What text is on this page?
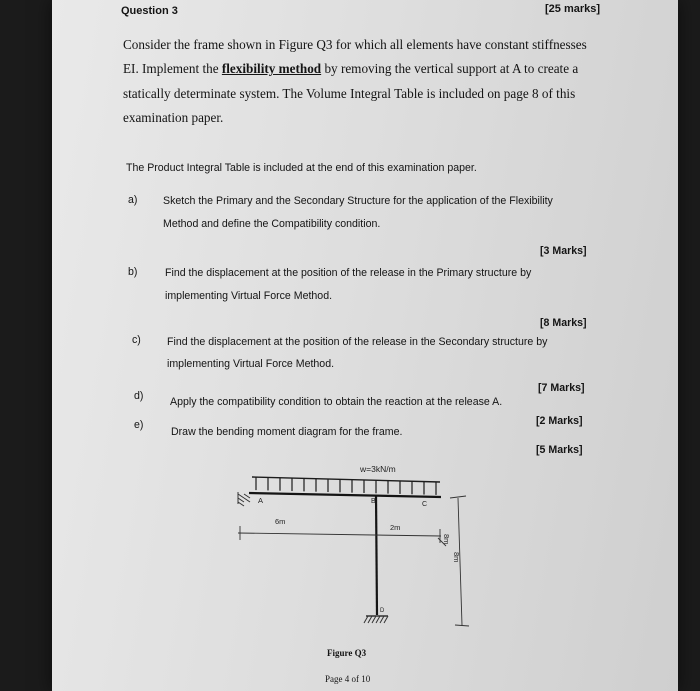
Question 3	[25 marks]
Consider the frame shown in Figure Q3 for which all elements have constant stiffnesses
EI. Implement the flexibility method by removing the vertical support at A to create a
statically determinate system. The Volume Integral Table is included on page 8 of this
examination paper.
The Product Integral Table is included at the end of this examination paper.
a) Sketch the Primary and the Secondary Structure for the application of the Flexibility
Method and define the Compatibility condition.
[3 Marks]
b)	Find the displacement at the position of the release in the Primary structure by
implementing Virtual Force Method.
[8 Marks]
c) Find the displacement at the position of the release in the Secondary structure by
implementing Virtual Force Method.
[7 Marks]
d)	Apply the compatibility condition to obtain the reaction at the release A.
[2 Marks]
e)
Draw the bending moment diagram for the frame.
[5 Marks]
w=3kN/m
A	B	C
D
6m
2m
8m
8m
Figure Q3
Page 4 of 10
